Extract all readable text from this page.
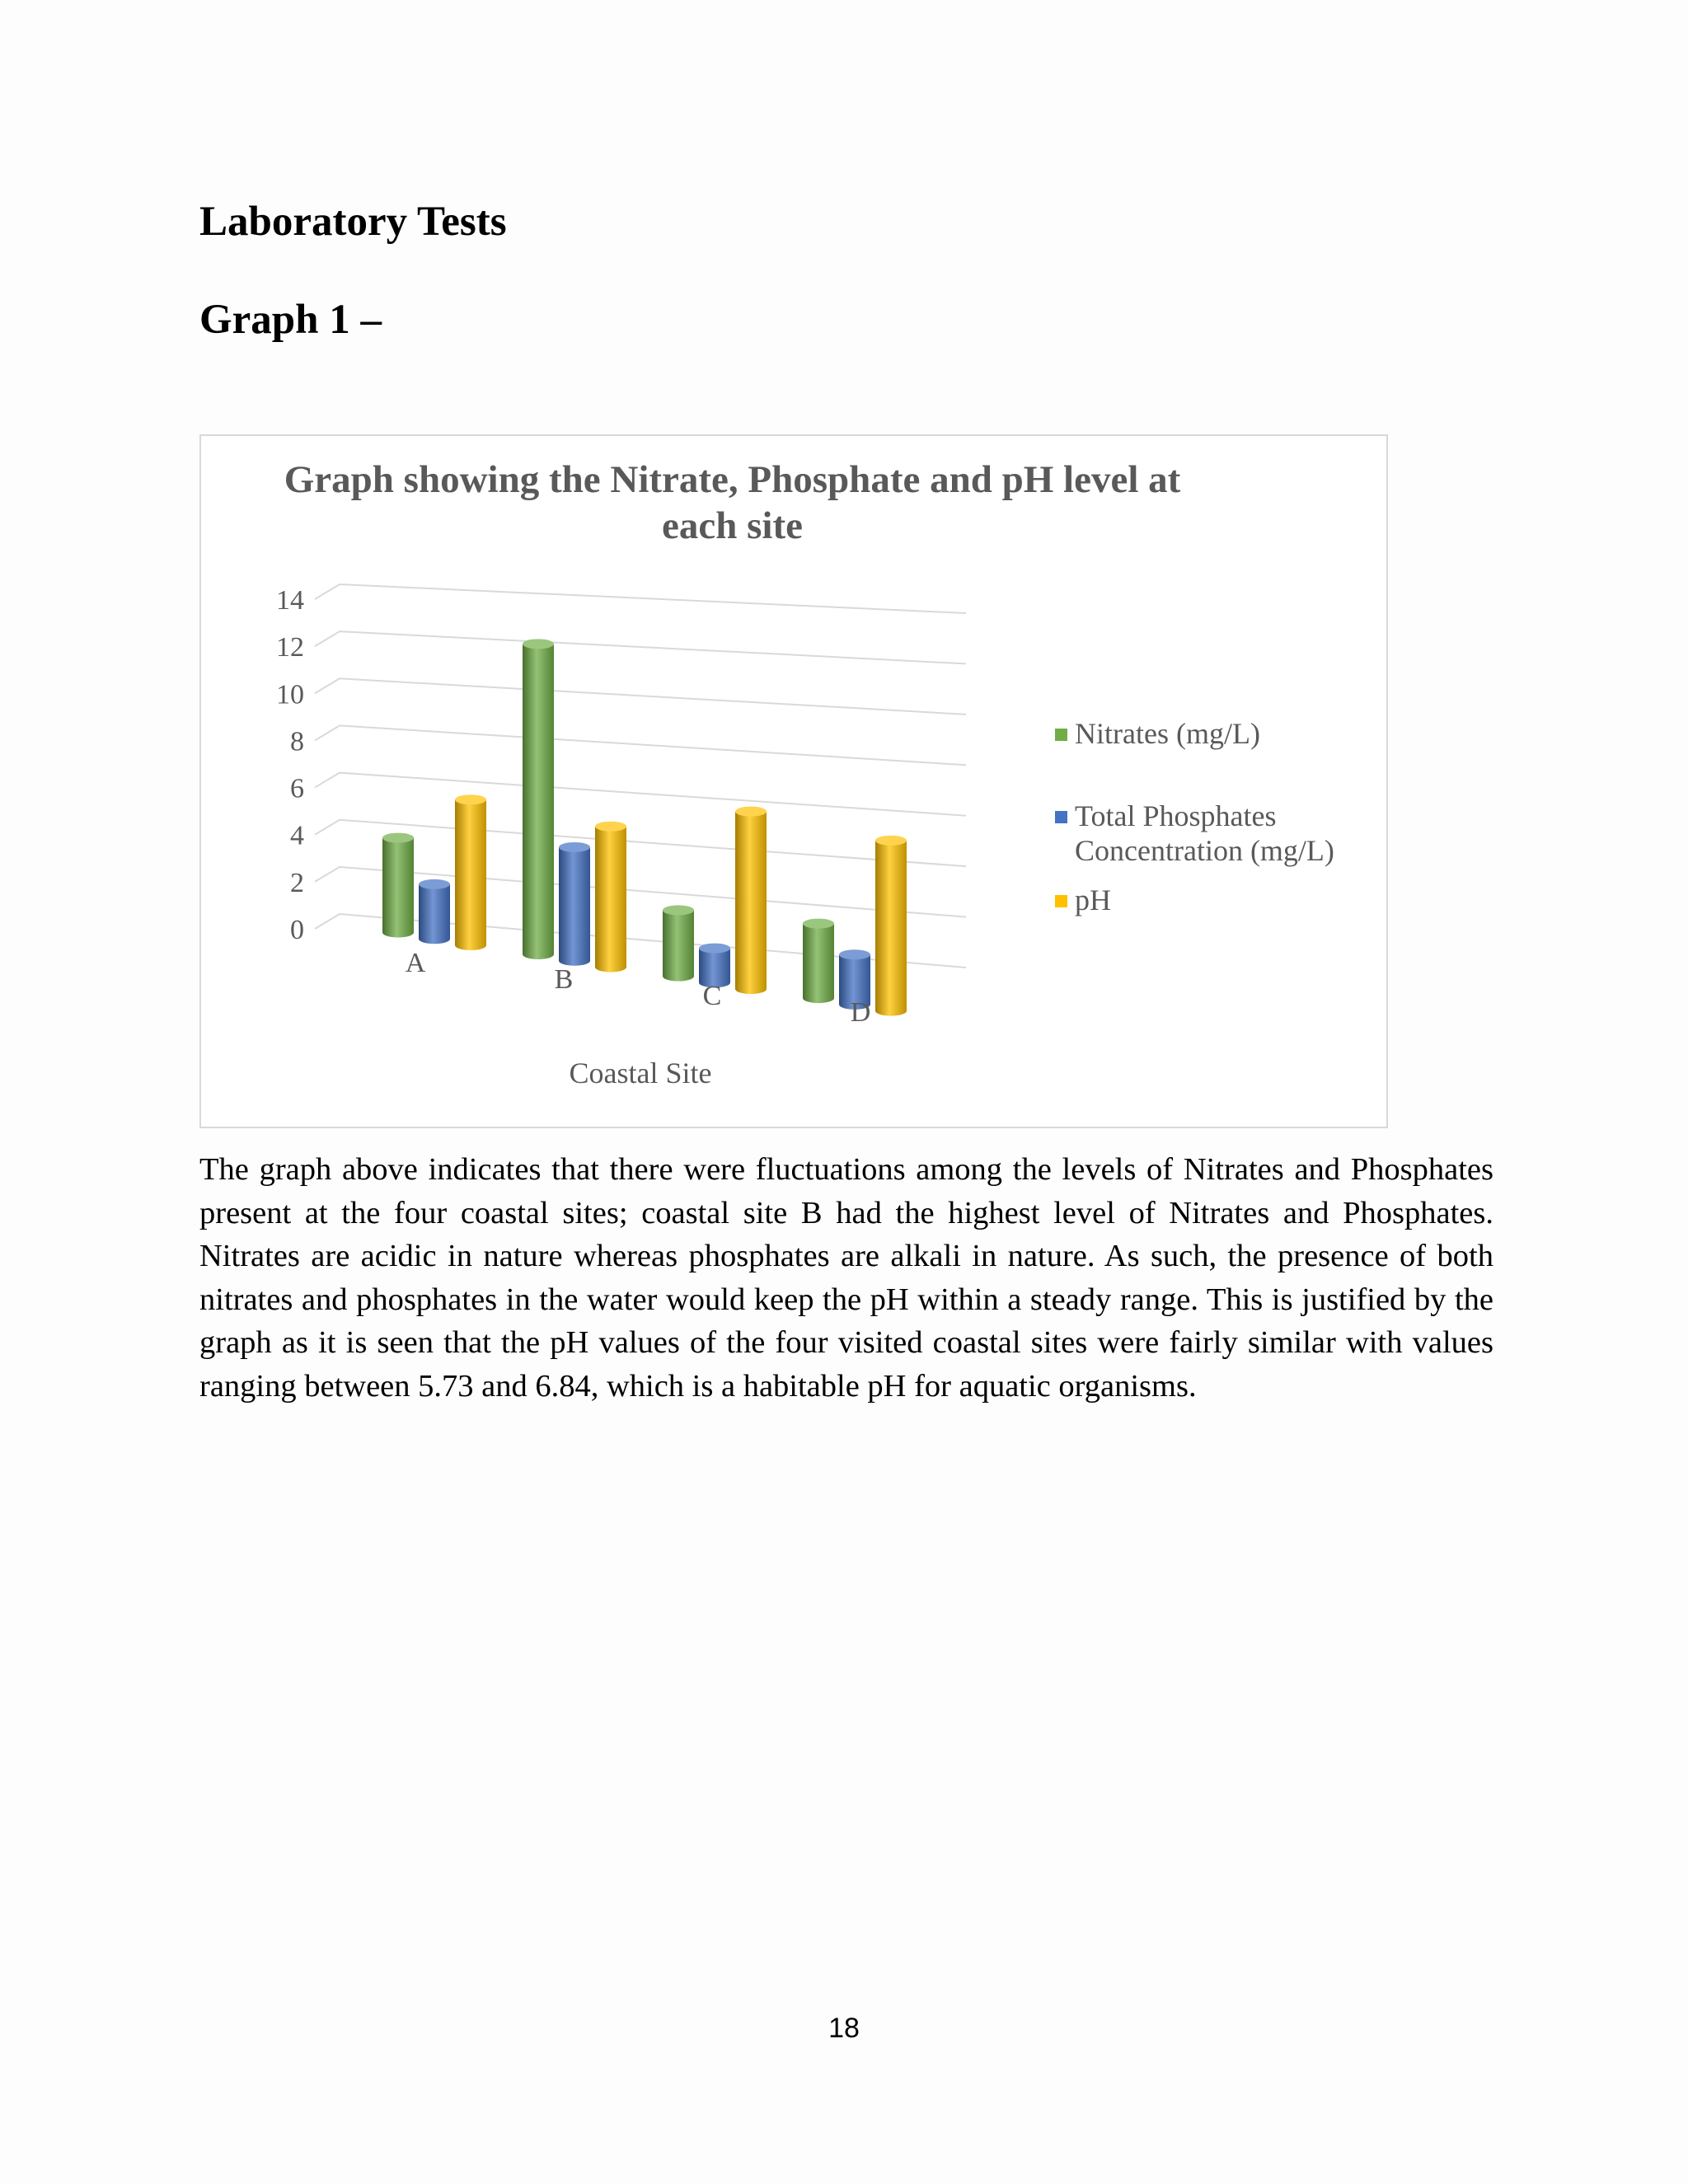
Laboratory Tests
Graph 1 –
Graph showing the Nitrate, Phosphate and pH level at
each site
0
2
4
6
8
10
12
14
A
B
C
D
Coastal Site
Nitrates (mg/L)
Total Phosphates Concentration (mg/L)
pH

The graph above indicates that there were fluctuations among the levels of Nitrates and Phosphates present at the four coastal sites; coastal site B had the highest level of Nitrates and Phosphates. Nitrates are acidic in nature whereas phosphates are alkali in nature. As such, the presence of both nitrates and phosphates in the water would keep the pH within a steady range. This is justified by the graph as it is seen that the pH values of the four visited coastal sites were fairly similar with values ranging between 5.73 and 6.84, which is a habitable pH for aquatic organisms.

18
